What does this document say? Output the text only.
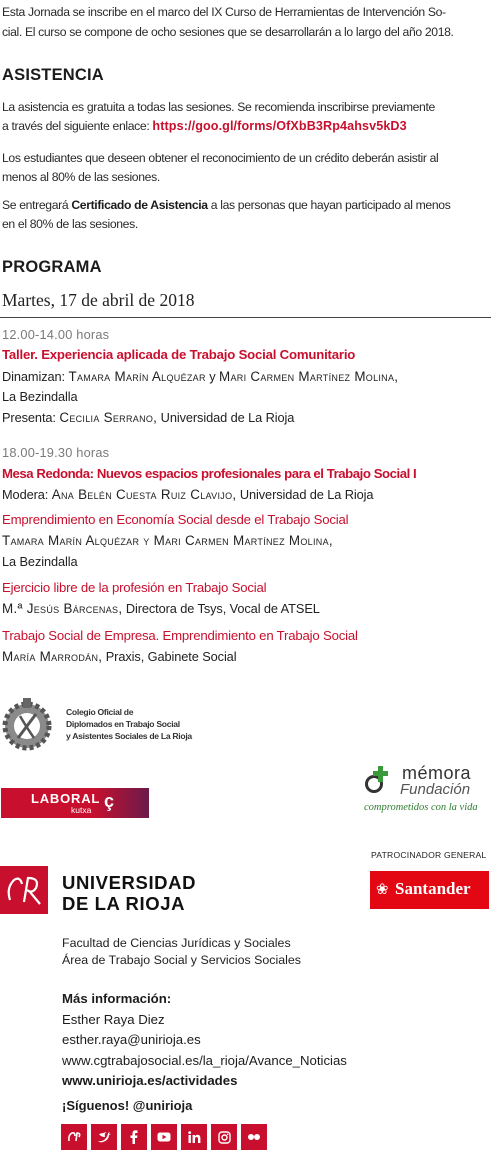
Esta Jornada se inscribe en el marco del IX Curso de Herramientas de Intervención So-
cial. El curso se compone de ocho sesiones que se desarrollarán a lo largo del año 2018.
ASISTENCIA
La asistencia es gratuita a todas las sesiones. Se recomienda inscribirse previamente
a través del siguiente enlace: https://goo.gl/forms/OfXbB3Rp4ahsv5kD3
Los estudiantes que deseen obtener el reconocimiento de un crédito deberán asistir al
menos al 80% de las sesiones.
Se entregará Certificado de Asistencia a las personas que hayan participado al menos
en el 80% de las sesiones.
PROGRAMA
Martes, 17 de abril de 2018
12.00-14.00 horas
Taller. Experiencia aplicada de Trabajo Social Comunitario
Dinamizan: Tamara Marín Alquézar y Mari Carmen Martínez Molina,
La Bezindalla
Presenta: Cecilia Serrano, Universidad de La Rioja
18.00-19.30 horas
Mesa Redonda: Nuevos espacios profesionales para el Trabajo Social I
Modera: Ana Belén Cuesta Ruiz Clavijo, Universidad de La Rioja
Emprendimiento en Economía Social desde el Trabajo Social
Tamara Marín Alquézar y Mari Carmen Martínez Molina,
La Bezindalla
Ejercicio libre de la profesión en Trabajo Social
M.ª Jesús Bárcenas, Directora de Tsys, Vocal de ATSEL
Trabajo Social de Empresa. Emprendimiento en Trabajo Social
María Marrodán, Praxis, Gabinete Social
Colegio Oficial de
Diplomados en Trabajo Social
y Asistentes Sociales de La Rioja
LABORAL
kutxa ç
mémora
Fundación
comprometidos con la vida
PATROCINADOR GENERAL
❀ Santander
UNIVERSIDAD
DE LA RIOJA
Facultad de Ciencias Jurídicas y Sociales
Área de Trabajo Social y Servicios Sociales
Más información:
Esther Raya Diez
esther.raya@unirioja.es
www.cgtrabajosocial.es/la_rioja/Avance_Noticias
www.unirioja.es/actividades
¡Síguenos! @unirioja
